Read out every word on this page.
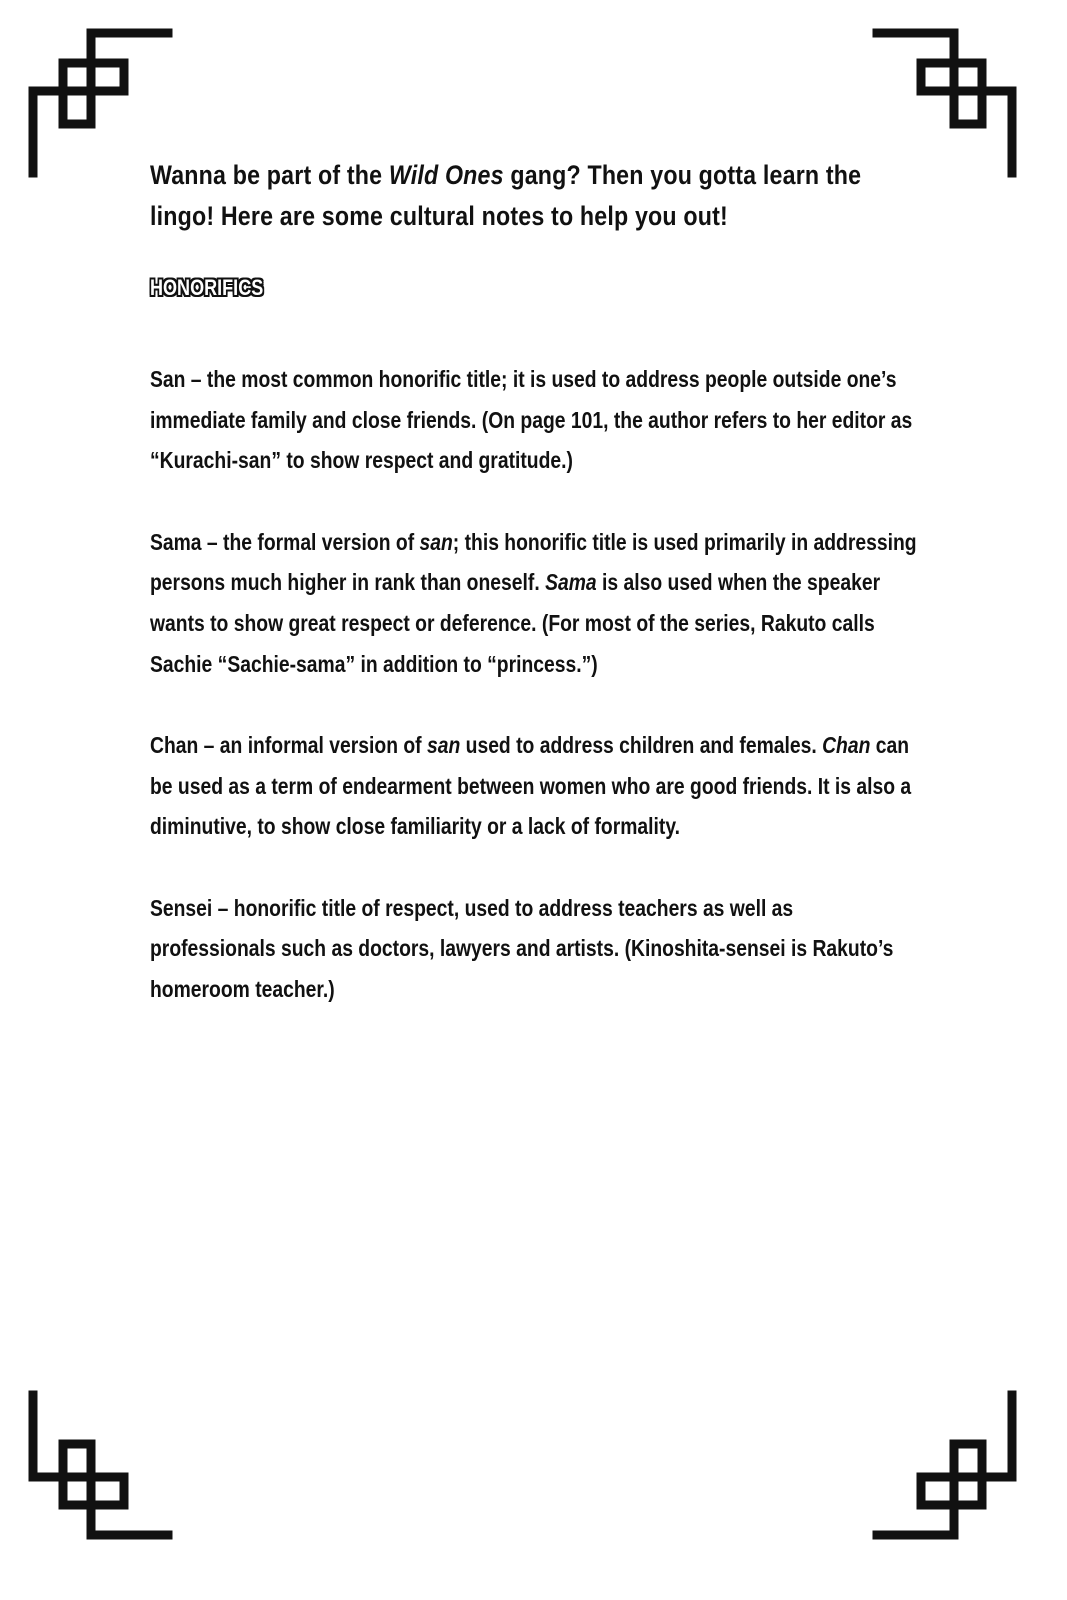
Wanna be part of the Wild Ones gang? Then you gotta learn the lingo! Here are some cultural notes to help you out!

HONORIFICS

San – the most common honorific title; it is used to address people outside one’s immediate family and close friends. (On page 101, the author refers to her editor as “Kurachi-san” to show respect and gratitude.)

Sama – the formal version of san; this honorific title is used primarily in addressing persons much higher in rank than oneself. Sama is also used when the speaker wants to show great respect or deference. (For most of the series, Rakuto calls Sachie “Sachie-sama” in addition to “princess.”)

Chan – an informal version of san used to address children and females. Chan can be used as a term of endearment between women who are good friends. It is also a diminutive, to show close familiarity or a lack of formality.

Sensei – honorific title of respect, used to address teachers as well as professionals such as doctors, lawyers and artists. (Kinoshita-sensei is Rakuto’s homeroom teacher.)
